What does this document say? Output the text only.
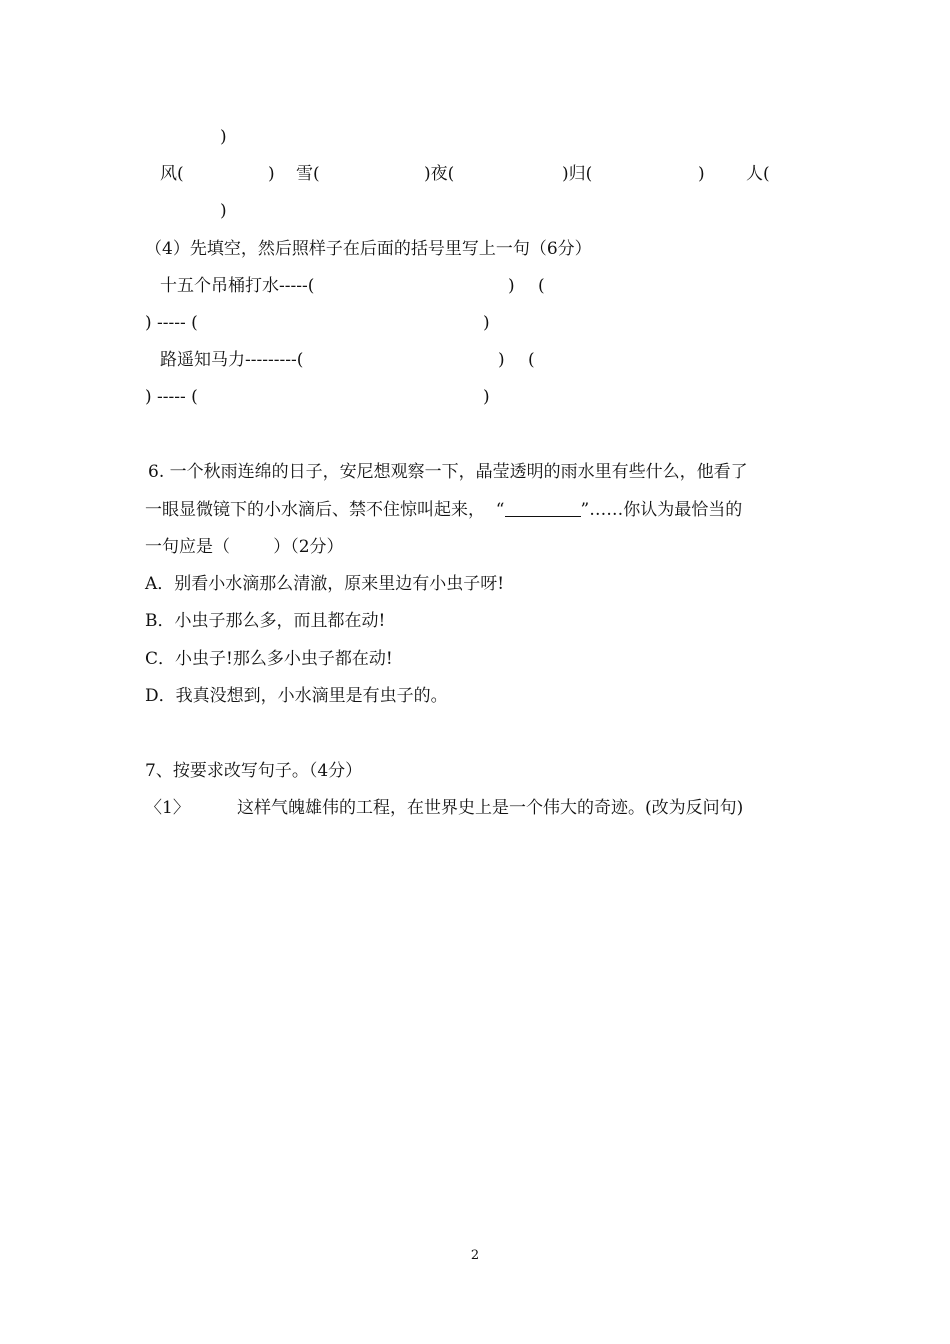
)
风(	) 雪(	)夜(	)归(	) 人(
)
（4）先填空，然后照样子在后面的括号里写上一句（6分）
十五个吊桶打水-----(	) (
) ----- (	)
路遥知马力---------(	) (
) ----- (	)
6. 一个秋雨连绵的日子，安尼想观察一下，晶莹透明的雨水里有些什么，他看了
一眼显微镜下的小水滴后、禁不住惊叫起来，  “	”……你认为最恰当的
一句应是（        ）（2分）
A．别看小水滴那么清澈，原来里边有小虫子呀!
B．小虫子那么多，而且都在动!
C．小虫子!那么多小虫子都在动!
D．我真没想到，小水滴里是有虫子的。
7、按要求改写句子。（4分）
〈1〉	这样气魄雄伟的工程，在世界史上是一个伟大的奇迹。(改为反问句)
2
